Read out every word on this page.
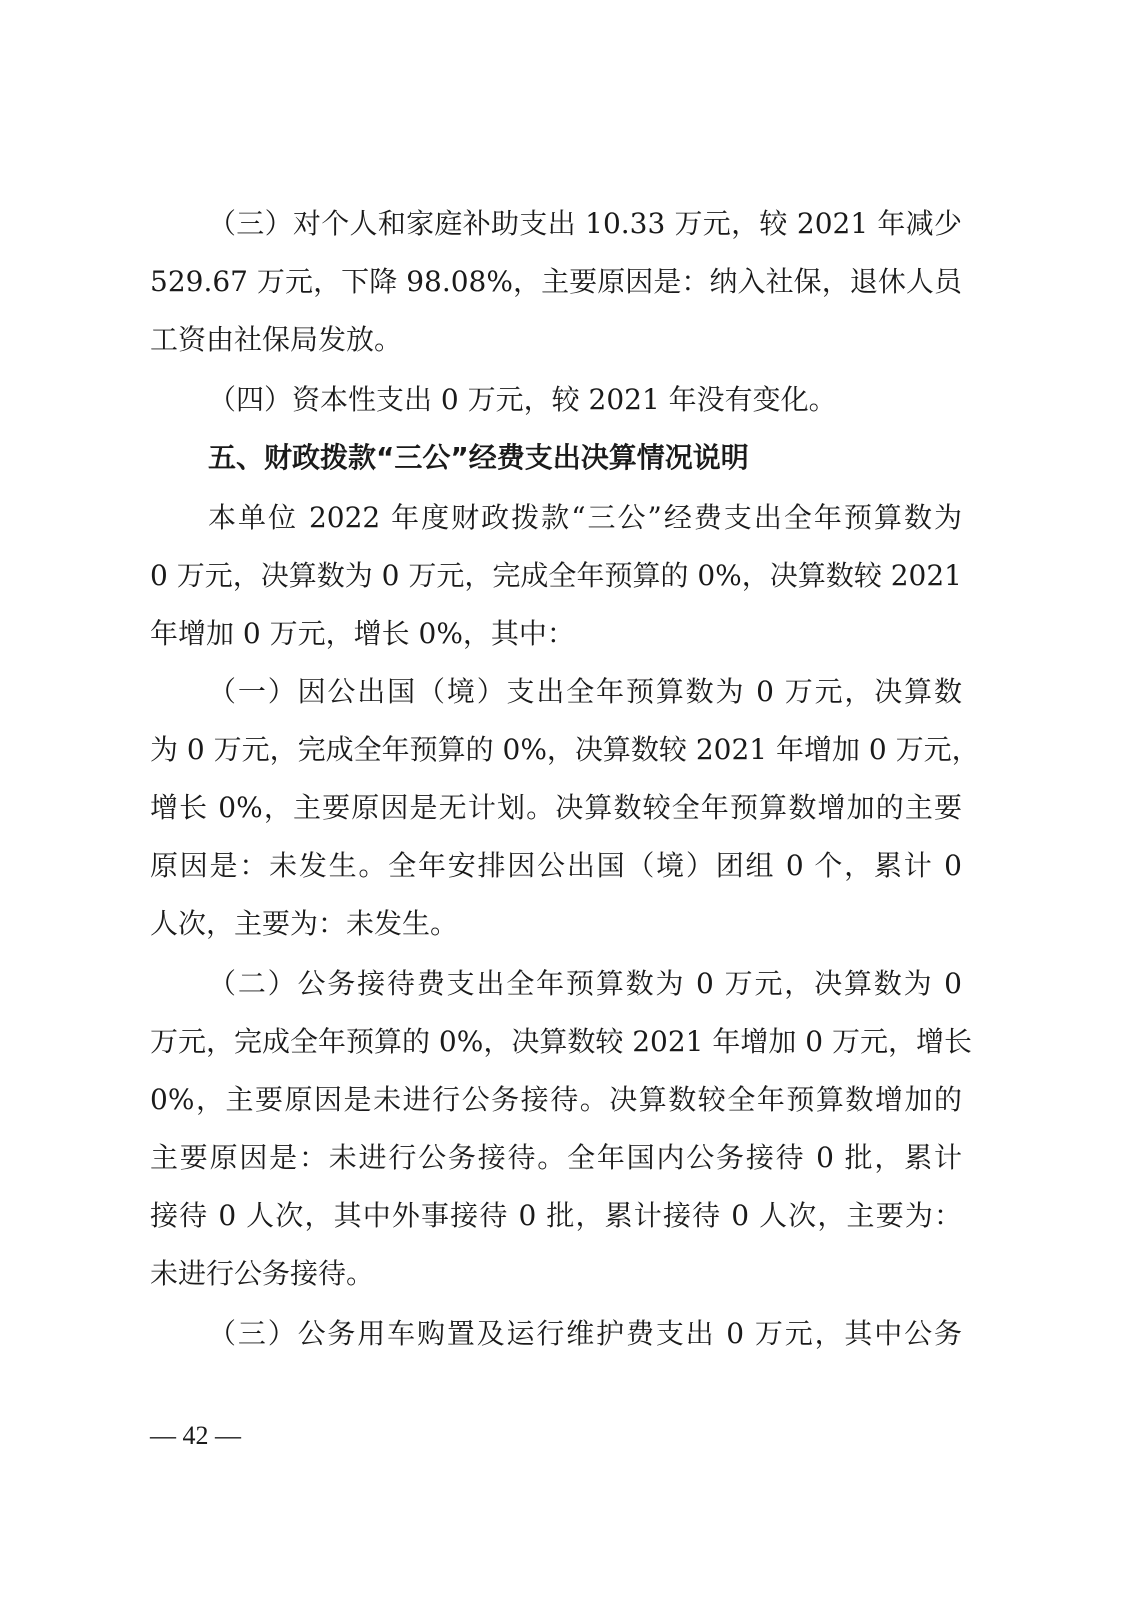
（三）对个人和家庭补助支出 10.33 万元，较 2021 年减少
529.67 万元，下降 98.08%，主要原因是：纳入社保，退休人员
工资由社保局发放。
（四）资本性支出 0 万元，较 2021 年没有变化。
五、财政拨款“三公”经费支出决算情况说明
本单位 2022 年度财政拨款“三公”经费支出全年预算数为
0 万元，决算数为 0 万元，完成全年预算的 0%，决算数较 2021
年增加 0 万元，增长 0%，其中：
（一）因公出国（境）支出全年预算数为 0 万元，决算数
为 0 万元，完成全年预算的 0%，决算数较 2021 年增加 0 万元，
增长 0%，主要原因是无计划。决算数较全年预算数增加的主要
原因是：未发生。全年安排因公出国（境）团组 0 个，累计 0
人次，主要为：未发生。
（二）公务接待费支出全年预算数为 0 万元，决算数为 0
万元，完成全年预算的 0%，决算数较 2021 年增加 0 万元，增长
0%，主要原因是未进行公务接待。决算数较全年预算数增加的
主要原因是：未进行公务接待。全年国内公务接待 0 批，累计
接待 0 人次，其中外事接待 0 批，累计接待 0 人次，主要为：
未进行公务接待。
（三）公务用车购置及运行维护费支出 0 万元，其中公务
— 42 —
